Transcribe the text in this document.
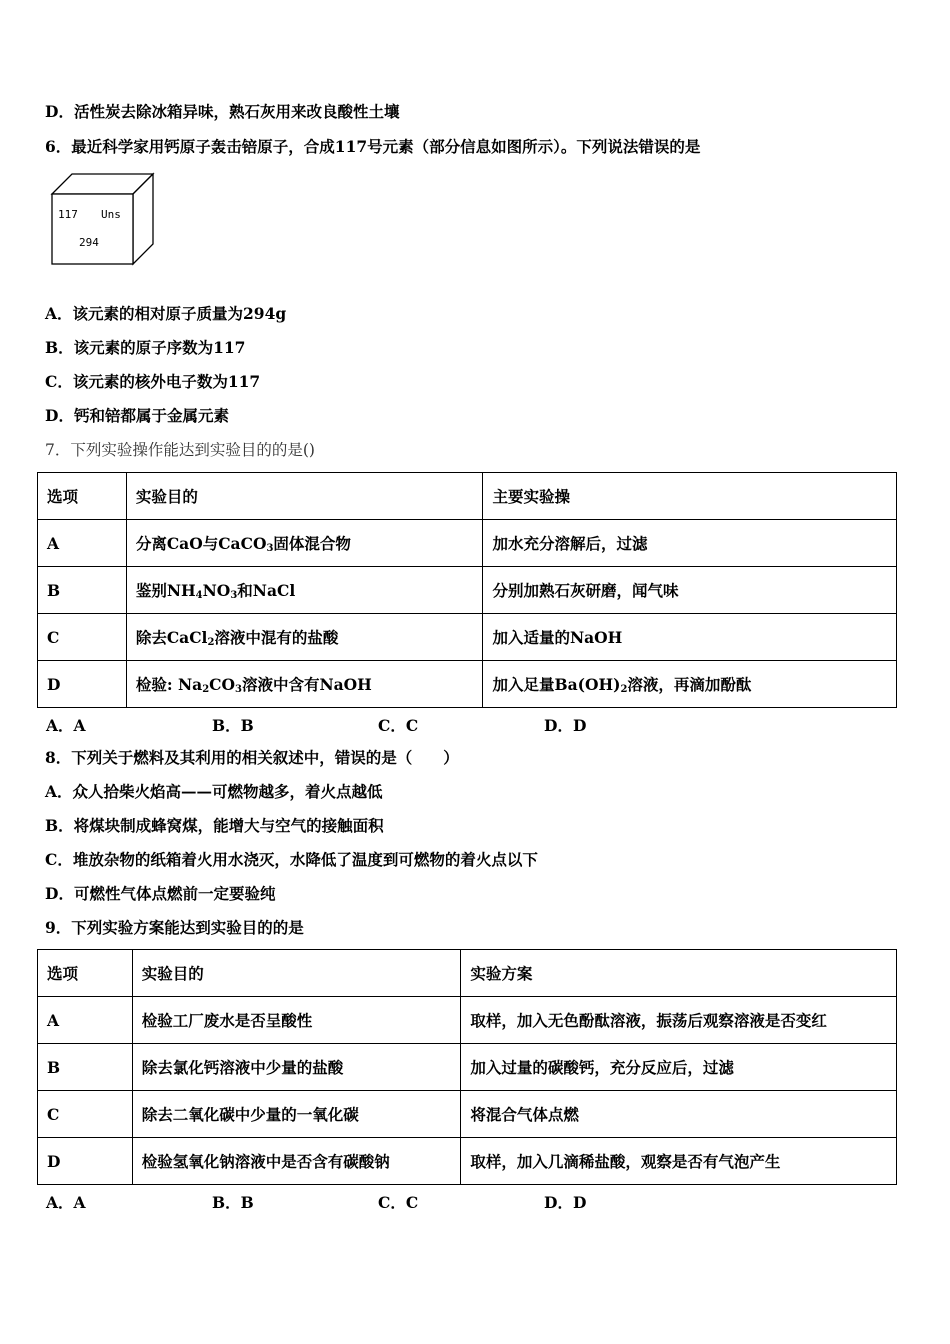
D．活性炭去除冰箱异味，熟石灰用来改良酸性土壤
6．最近科学家用钙原子轰击锫原子，合成117号元素（部分信息如图所示）。下列说法错误的是
117 Uns
294
A．该元素的相对原子质量为294g
B．该元素的原子序数为117
C．该元素的核外电子数为117
D．钙和锫都属于金属元素
7．下列实验操作能达到实验目的的是()
选项	实验目的	主要实验操
A	分离CaO与CaCO$_3$固体混合物	加水充分溶解后，过滤
B	鉴别$NH_4NO_3$和NaCl	分别加熟石灰研磨，闻气味
C	除去CaCl$_2$溶液中混有的盐酸	加入适量的NaOH
D	检验: $Na_2CO_3$溶液中含有NaOH	加入足量$Ba(OH)_2$溶液，再滴加酚酞
A．A	B．B	C．C	D．D
8．下列关于燃料及其利用的相关叙述中，错误的是（　　）
A．众人拾柴火焰高——可燃物越多，着火点越低
B．将煤块制成蜂窝煤，能增大与空气的接触面积
C．堆放杂物的纸箱着火用水浇灭，水降低了温度到可燃物的着火点以下
D．可燃性气体点燃前一定要验纯
9．下列实验方案能达到实验目的的是
选项	实验目的	实验方案
A	检验工厂废水是否呈酸性	取样，加入无色酚酞溶液，振荡后观察溶液是否变红
B	除去氯化钙溶液中少量的盐酸	加入过量的碳酸钙，充分反应后，过滤
C	除去二氧化碳中少量的一氧化碳	将混合气体点燃
D	检验氢氧化钠溶液中是否含有碳酸钠	取样，加入几滴稀盐酸，观察是否有气泡产生
A．A	B．B	C．C	D．D
